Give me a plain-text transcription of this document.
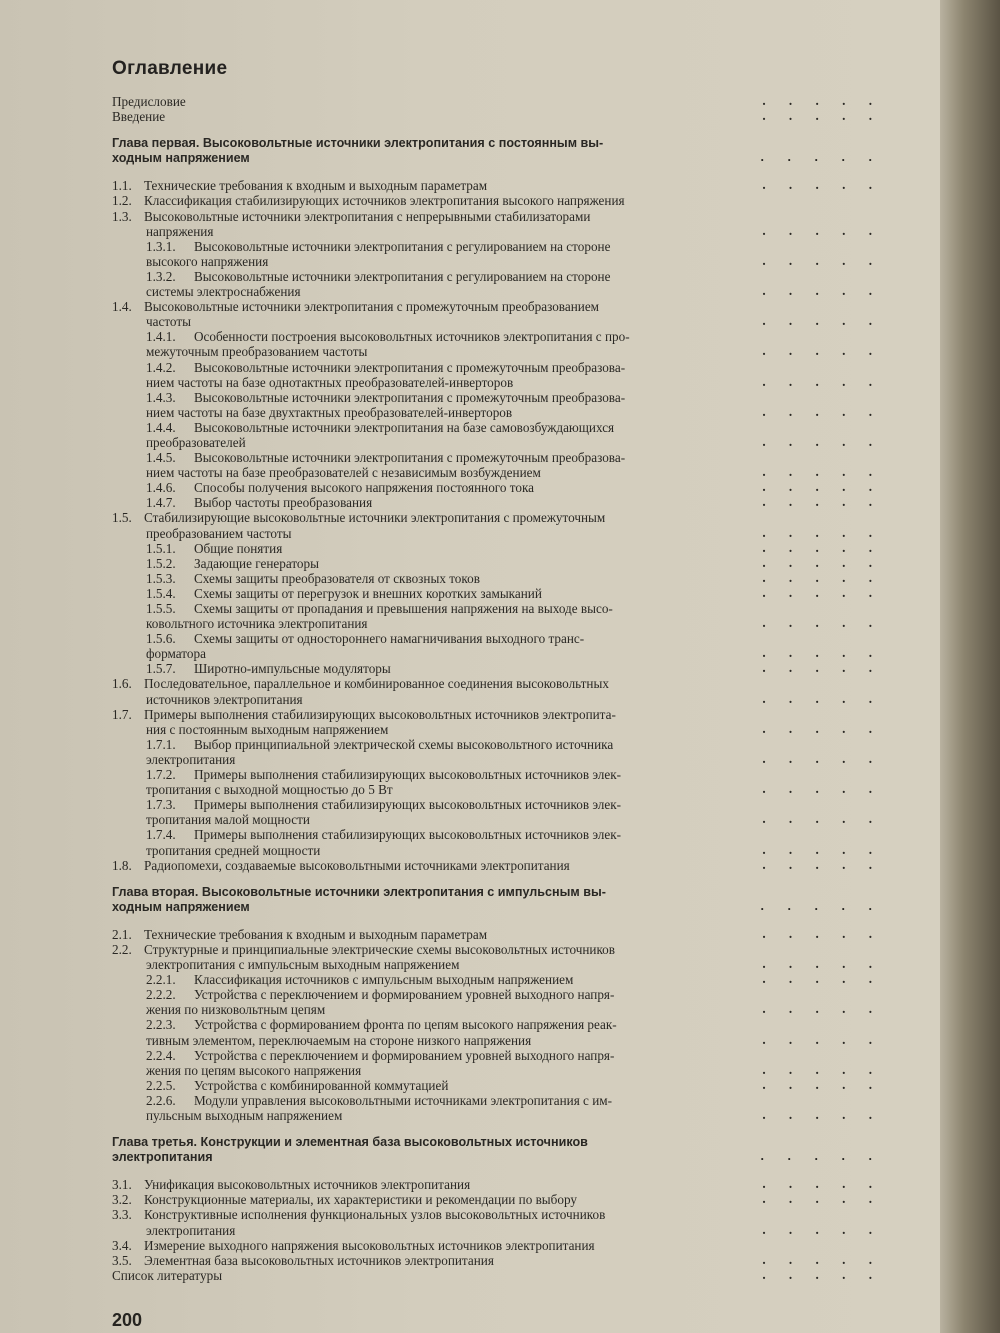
Оглавление
Предисловие	. . . . .
Введение	. . . . .
Глава первая. Высоковольтные источники электропитания с постоянным вы-
ходным напряжением	. . . . .
1.1. Технические требования к входным и выходным параметрам	. . . . .
1.2. Классификация стабилизирующих источников электропитания высокого напряжения
1.3. Высоковольтные источники электропитания с непрерывными стабилизаторами
напряжения	. . . . .
1.3.1. Высоковольтные источники электропитания с регулированием на стороне
высокого напряжения	. . . . .
1.3.2. Высоковольтные источники электропитания с регулированием на стороне
системы электроснабжения	. . . . .
1.4. Высоковольтные источники электропитания с промежуточным преобразованием
частоты	. . . . .
1.4.1. Особенности построения высоковольтных источников электропитания с про-
межуточным преобразованием частоты	. . . . .
1.4.2. Высоковольтные источники электропитания с промежуточным преобразова-
нием частоты на базе однотактных преобразователей-инверторов	. . . . .
1.4.3. Высоковольтные источники электропитания с промежуточным преобразова-
нием частоты на базе двухтактных преобразователей-инверторов	. . . . .
1.4.4. Высоковольтные источники электропитания на базе самовозбуждающихся
преобразователей	. . . . .
1.4.5. Высоковольтные источники электропитания с промежуточным преобразова-
нием частоты на базе преобразователей с независимым возбуждением	. . . . .
1.4.6. Способы получения высокого напряжения постоянного тока	. . . . .
1.4.7. Выбор частоты преобразования	. . . . .
1.5. Стабилизирующие высоковольтные источники электропитания с промежуточным
преобразованием частоты	. . . . .
1.5.1. Общие понятия	. . . . .
1.5.2. Задающие генераторы	. . . . .
1.5.3. Схемы защиты преобразователя от сквозных токов	. . . . .
1.5.4. Схемы защиты от перегрузок и внешних коротких замыканий	. . . . .
1.5.5. Схемы защиты от пропадания и превышения напряжения на выходе высо-
ковольтного источника электропитания	. . . . .
1.5.6. Схемы защиты от одностороннего намагничивания выходного транс-
форматора	. . . . .
1.5.7. Широтно-импульсные модуляторы	. . . . .
1.6. Последовательное, параллельное и комбинированное соединения высоковольтных
источников электропитания	. . . . .
1.7. Примеры выполнения стабилизирующих высоковольтных источников электропита-
ния с постоянным выходным напряжением	. . . . .
1.7.1. Выбор принципиальной электрической схемы высоковольтного источника
электропитания	. . . . .
1.7.2. Примеры выполнения стабилизирующих высоковольтных источников элек-
тропитания с выходной мощностью до 5 Вт	. . . . .
1.7.3. Примеры выполнения стабилизирующих высоковольтных источников элек-
тропитания малой мощности	. . . . .
1.7.4. Примеры выполнения стабилизирующих высоковольтных источников элек-
тропитания средней мощности	. . . . .
1.8. Радиопомехи, создаваемые высоковольтными источниками электропитания	. . . . .
Глава вторая. Высоковольтные источники электропитания с импульсным вы-
ходным напряжением	. . . . .
2.1. Технические требования к входным и выходным параметрам	. . . . .
2.2. Структурные и принципиальные электрические схемы высоковольтных источников
электропитания с импульсным выходным напряжением	. . . . .
2.2.1. Классификация источников с импульсным выходным напряжением	. . . . .
2.2.2. Устройства с переключением и формированием уровней выходного напря-
жения по низковольтным цепям	. . . . .
2.2.3. Устройства с формированием фронта по цепям высокого напряжения реак-
тивным элементом, переключаемым на стороне низкого напряжения	. . . . .
2.2.4. Устройства с переключением и формированием уровней выходного напря-
жения по цепям высокого напряжения	. . . . .
2.2.5. Устройства с комбинированной коммутацией	. . . . .
2.2.6. Модули управления высоковольтными источниками электропитания с им-
пульсным выходным напряжением	. . . . .
Глава третья. Конструкции и элементная база высоковольтных источников
электропитания	. . . . .
3.1. Унификация высоковольтных источников электропитания	. . . . .
3.2. Конструкционные материалы, их характеристики и рекомендации по выбору	. . . . .
3.3. Конструктивные исполнения функциональных узлов высоковольтных источников
электропитания	. . . . .
3.4. Измерение выходного напряжения высоковольтных источников электропитания
3.5. Элементная база высоковольтных источников электропитания	. . . . .
Список литературы	. . . . .
200
